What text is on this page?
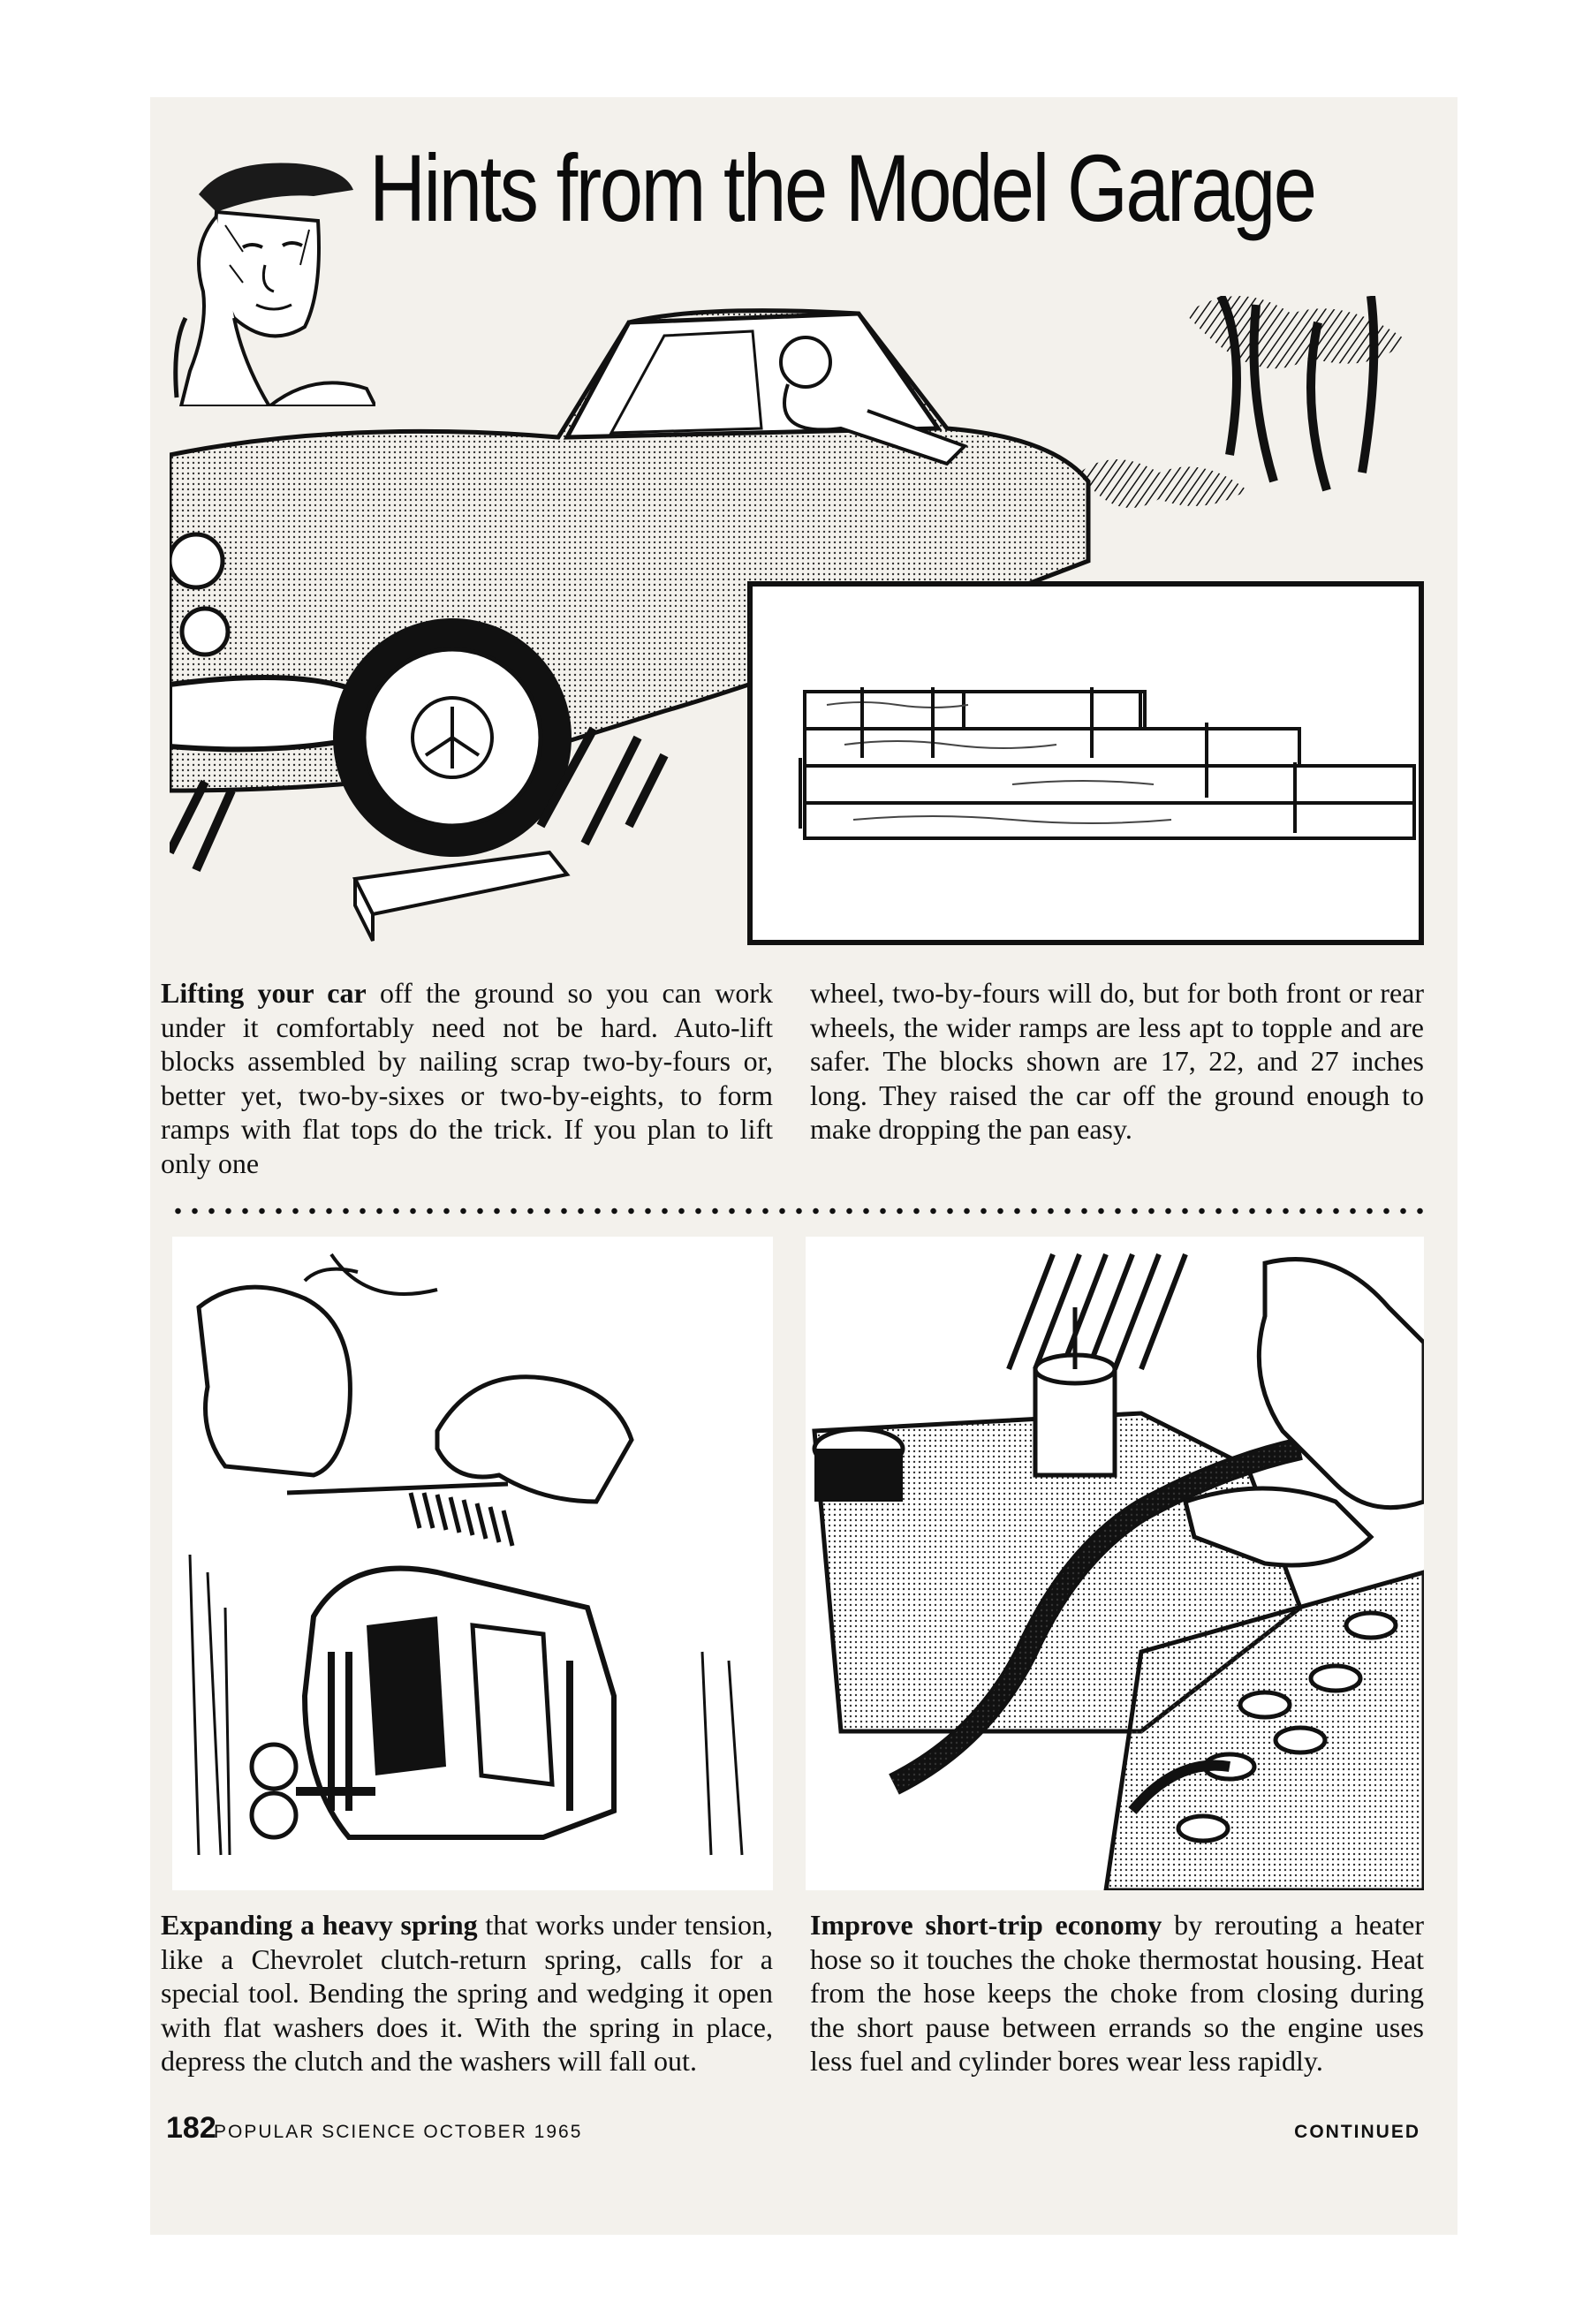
Hints from the Model Garage
Lifting your car off the ground so you can work under it comfortably need not be hard. Auto-lift blocks assembled by nailing scrap two-by-fours or, better yet, two-by-sixes or two-by-eights, to form ramps with flat tops do the trick. If you plan to lift only one
wheel, two-by-fours will do, but for both front or rear wheels, the wider ramps are less apt to topple and are safer. The blocks shown are 17, 22, and 27 inches long. They raised the car off the ground enough to make dropping the pan easy.
Expanding a heavy spring that works under tension, like a Chevrolet clutch-return spring, calls for a special tool. Bending the spring and wedging it open with flat washers does it. With the spring in place, depress the clutch and the washers will fall out.
Improve short-trip economy by rerouting a heater hose so it touches the choke thermostat housing. Heat from the hose keeps the choke from closing during the short pause between errands so the engine uses less fuel and cylinder bores wear less rapidly.
182
POPULAR SCIENCE OCTOBER 1965	CONTINUED
